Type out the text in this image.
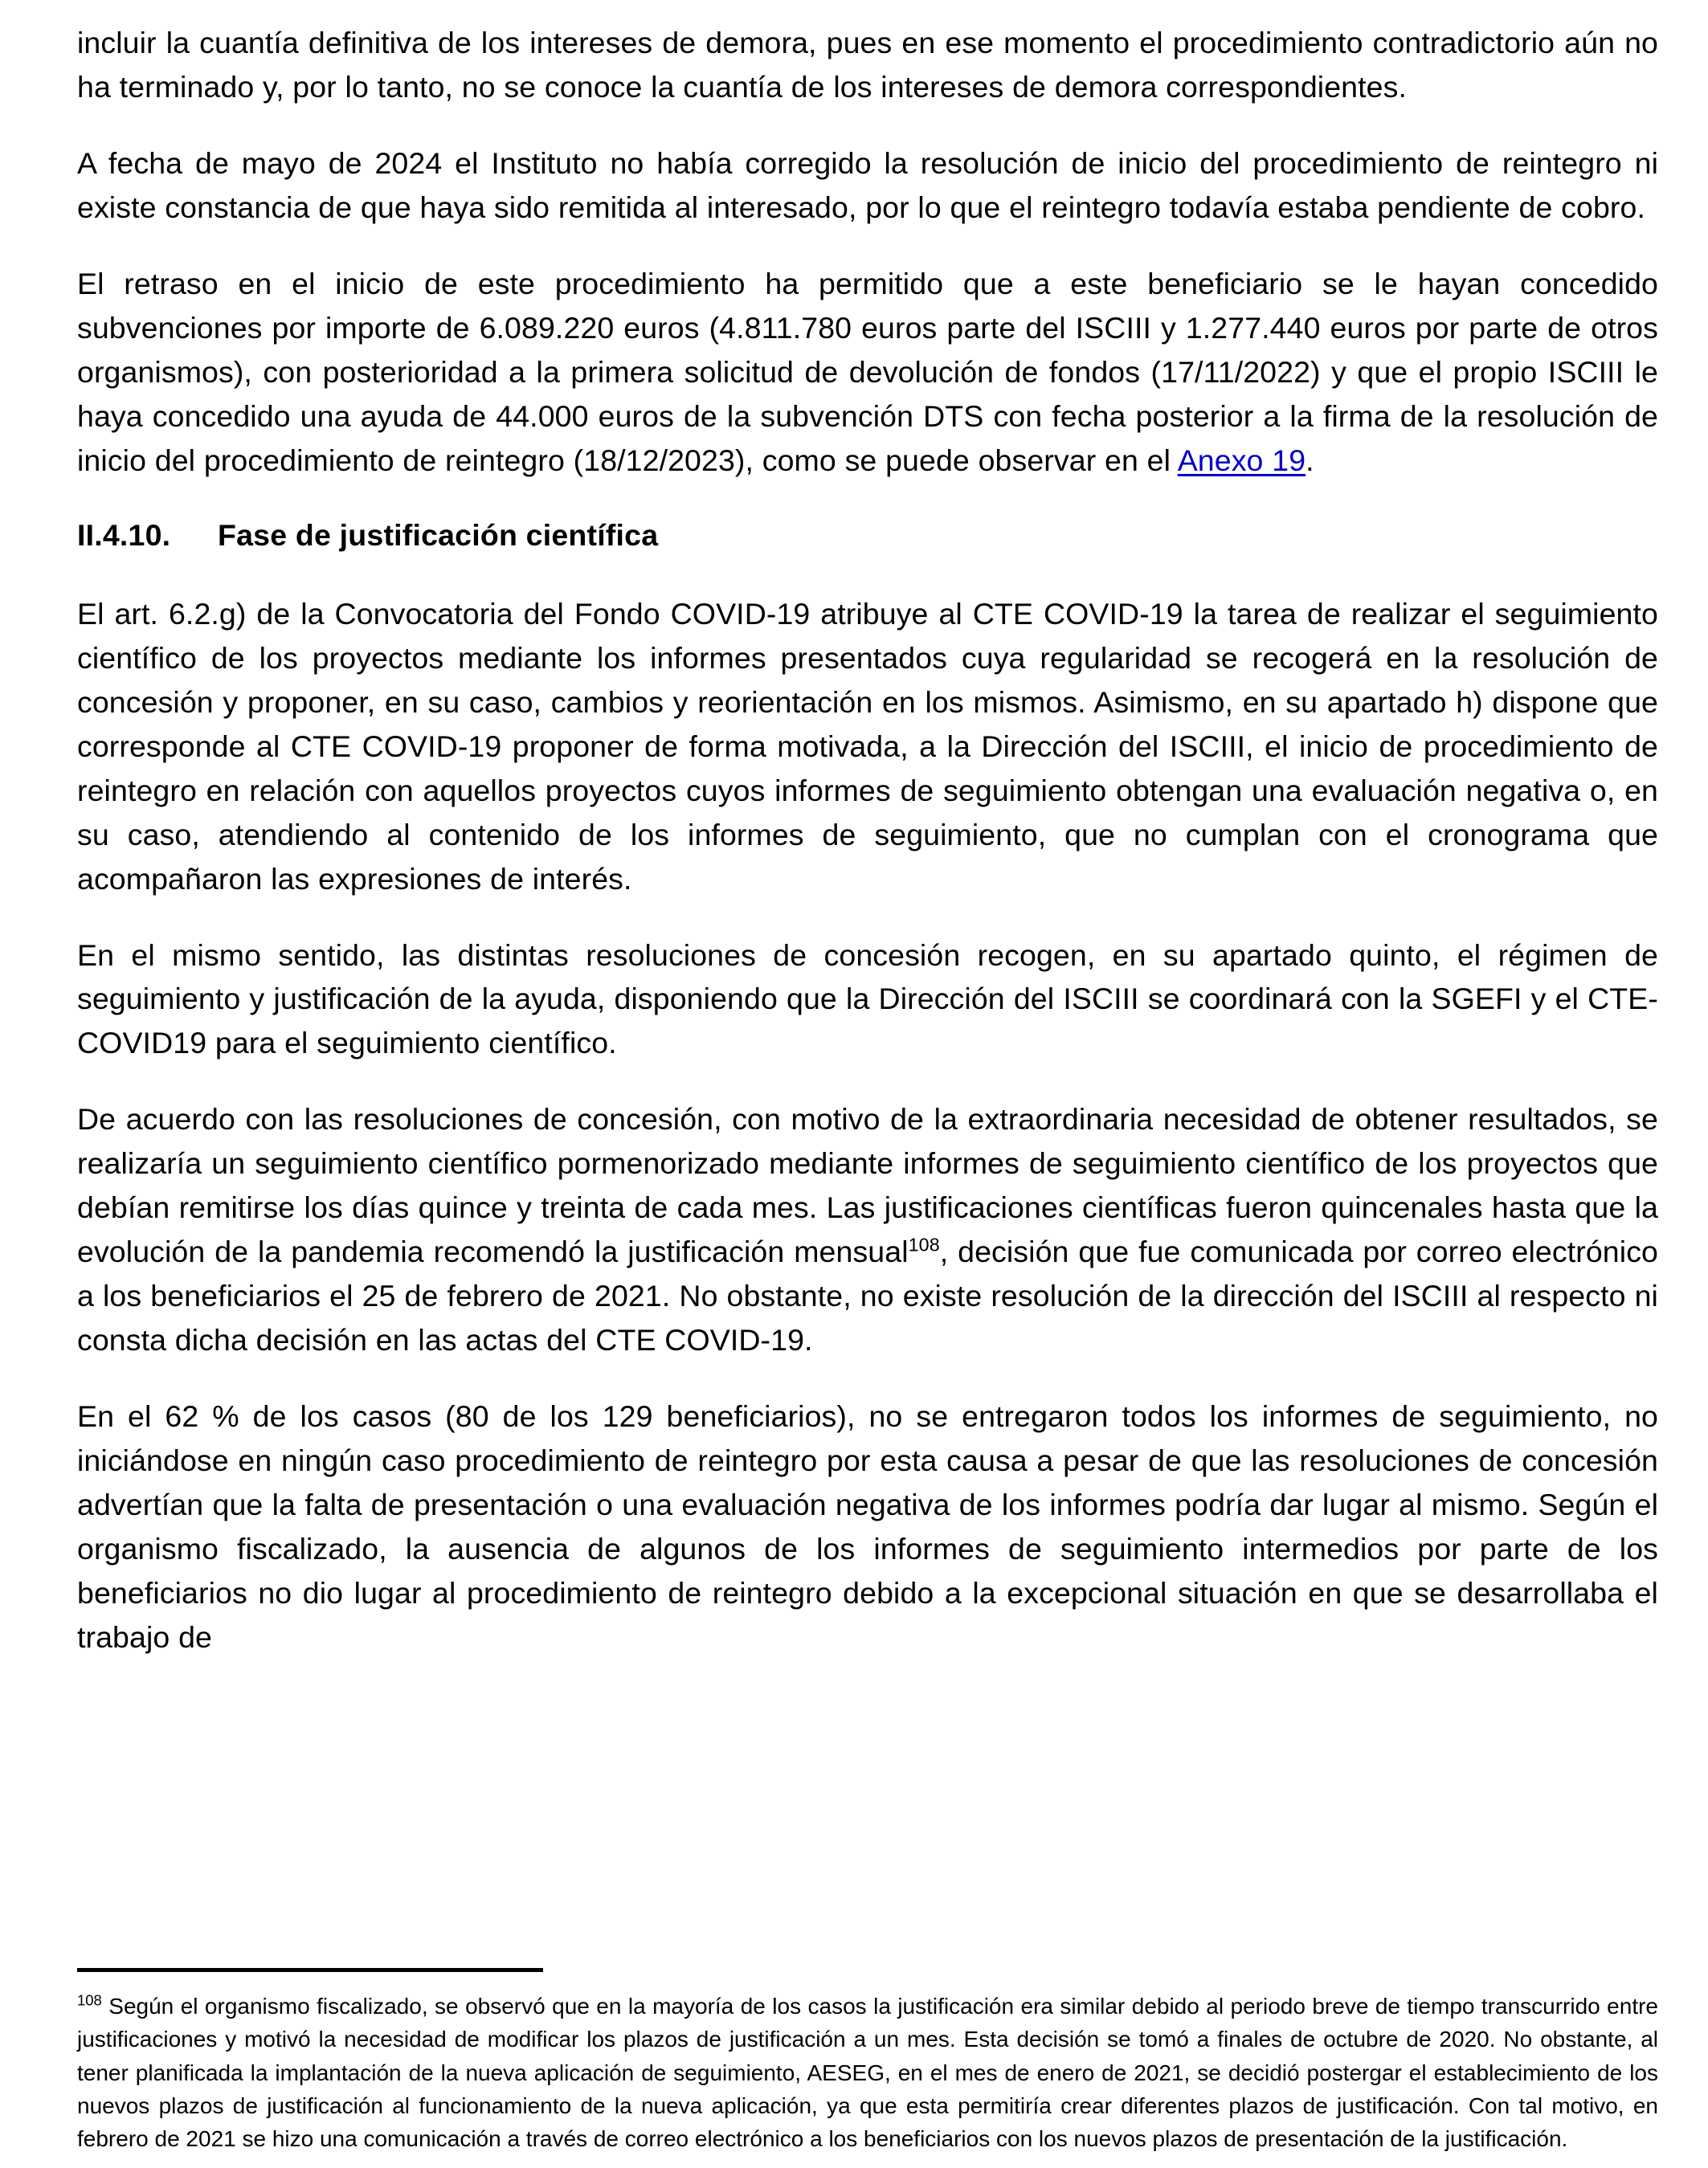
incluir la cuantía definitiva de los intereses de demora, pues en ese momento el procedimiento contradictorio aún no ha terminado y, por lo tanto, no se conoce la cuantía de los intereses de demora correspondientes.

A fecha de mayo de 2024 el Instituto no había corregido la resolución de inicio del procedimiento de reintegro ni existe constancia de que haya sido remitida al interesado, por lo que el reintegro todavía estaba pendiente de cobro.

El retraso en el inicio de este procedimiento ha permitido que a este beneficiario se le hayan concedido subvenciones por importe de 6.089.220 euros (4.811.780 euros parte del ISCIII y 1.277.440 euros por parte de otros organismos), con posterioridad a la primera solicitud de devolución de fondos (17/11/2022) y que el propio ISCIII le haya concedido una ayuda de 44.000 euros de la subvención DTS con fecha posterior a la firma de la resolución de inicio del procedimiento de reintegro (18/12/2023), como se puede observar en el Anexo 19.

II.4.10. Fase de justificación científica

El art. 6.2.g) de la Convocatoria del Fondo COVID-19 atribuye al CTE COVID-19 la tarea de realizar el seguimiento científico de los proyectos mediante los informes presentados cuya regularidad se recogerá en la resolución de concesión y proponer, en su caso, cambios y reorientación en los mismos. Asimismo, en su apartado h) dispone que corresponde al CTE COVID-19 proponer de forma motivada, a la Dirección del ISCIII, el inicio de procedimiento de reintegro en relación con aquellos proyectos cuyos informes de seguimiento obtengan una evaluación negativa o, en su caso, atendiendo al contenido de los informes de seguimiento, que no cumplan con el cronograma que acompañaron las expresiones de interés.

En el mismo sentido, las distintas resoluciones de concesión recogen, en su apartado quinto, el régimen de seguimiento y justificación de la ayuda, disponiendo que la Dirección del ISCIII se coordinará con la SGEFI y el CTE- COVID19 para el seguimiento científico.

De acuerdo con las resoluciones de concesión, con motivo de la extraordinaria necesidad de obtener resultados, se realizaría un seguimiento científico pormenorizado mediante informes de seguimiento científico de los proyectos que debían remitirse los días quince y treinta de cada mes. Las justificaciones científicas fueron quincenales hasta que la evolución de la pandemia recomendó la justificación mensual$^{108}$, decisión que fue comunicada por correo electrónico a los beneficiarios el 25 de febrero de 2021. No obstante, no existe resolución de la dirección del ISCIII al respecto ni consta dicha decisión en las actas del CTE COVID-19.

En el 62 % de los casos (80 de los 129 beneficiarios), no se entregaron todos los informes de seguimiento, no iniciándose en ningún caso procedimiento de reintegro por esta causa a pesar de que las resoluciones de concesión advertían que la falta de presentación o una evaluación negativa de los informes podría dar lugar al mismo. Según el organismo fiscalizado, la ausencia de algunos de los informes de seguimiento intermedios por parte de los beneficiarios no dio lugar al procedimiento de reintegro debido a la excepcional situación en que se desarrollaba el trabajo de

$^{108}$ Según el organismo fiscalizado, se observó que en la mayoría de los casos la justificación era similar debido al periodo breve de tiempo transcurrido entre justificaciones y motivó la necesidad de modificar los plazos de justificación a un mes. Esta decisión se tomó a finales de octubre de 2020. No obstante, al tener planificada la implantación de la nueva aplicación de seguimiento, AESEG, en el mes de enero de 2021, se decidió postergar el establecimiento de los nuevos plazos de justificación al funcionamiento de la nueva aplicación, ya que esta permitiría crear diferentes plazos de justificación. Con tal motivo, en febrero de 2021 se hizo una comunicación a través de correo electrónico a los beneficiarios con los nuevos plazos de presentación de la justificación.
